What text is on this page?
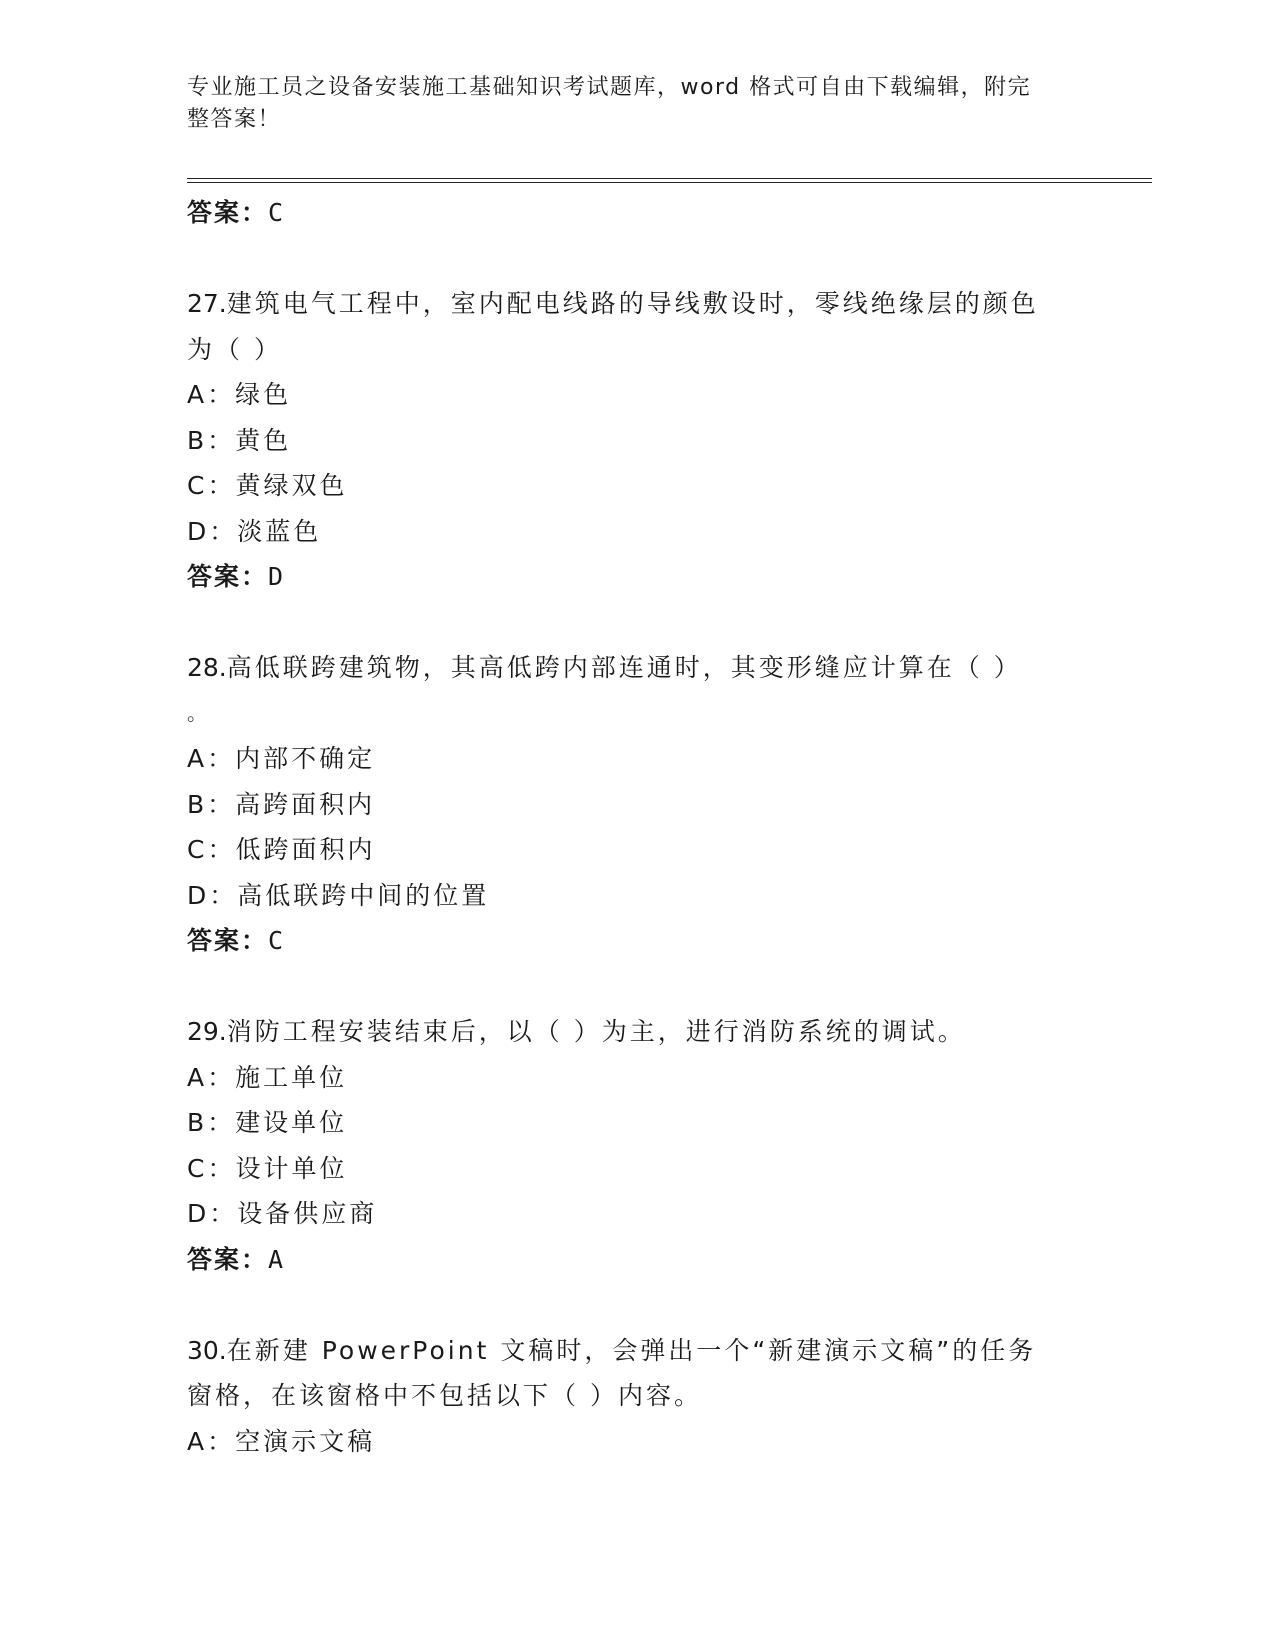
专业施工员之设备安装施工基础知识考试题库，word 格式可自由下载编辑，附完
整答案！
答案：C
27.建筑电气工程中，室内配电线路的导线敷设时，零线绝缘层的颜色
为（ ）
A：绿色
B：黄色
C：黄绿双色
D：淡蓝色
答案：D
28.高低联跨建筑物，其高低跨内部连通时，其变形缝应计算在（ ）
。
A：内部不确定
B：高跨面积内
C：低跨面积内
D：高低联跨中间的位置
答案：C
29.消防工程安装结束后，以（ ）为主，进行消防系统的调试。
A：施工单位
B：建设单位
C：设计单位
D：设备供应商
答案：A
30.在新建 PowerPoint 文稿时，会弹出一个“新建演示文稿”的任务
窗格，在该窗格中不包括以下（ ）内容。
A：空演示文稿
